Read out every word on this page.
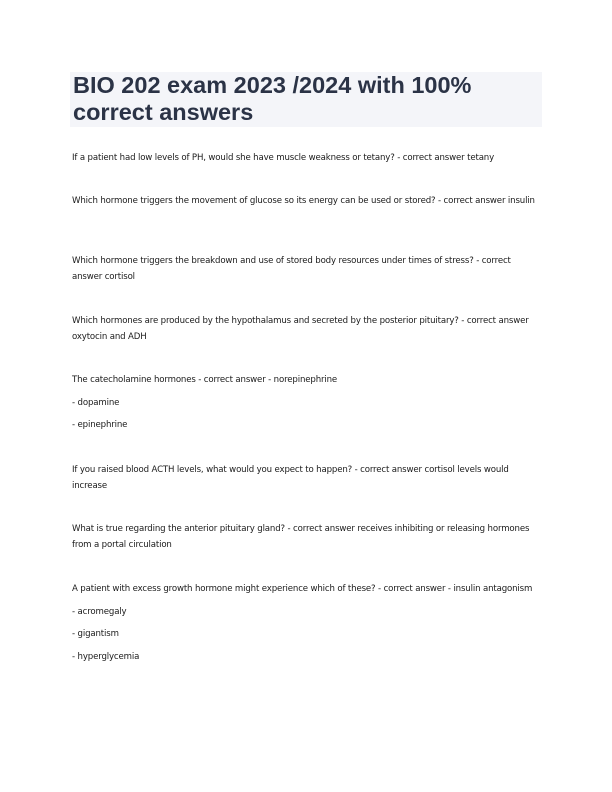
BIO 202 exam 2023 /2024 with 100% correct answers

If a patient had low levels of PH, would she have muscle weakness or tetany? - correct answer tetany

Which hormone triggers the movement of glucose so its energy can be used or stored? - correct answer insulin

Which hormone triggers the breakdown and use of stored body resources under times of stress? - correct answer cortisol

Which hormones are produced by the hypothalamus and secreted by the posterior pituitary? - correct answer oxytocin and ADH

The catecholamine hormones - correct answer - norepinephrine

- dopamine

- epinephrine

If you raised blood ACTH levels, what would you expect to happen? - correct answer cortisol levels would increase

What is true regarding the anterior pituitary gland? - correct answer receives inhibiting or releasing hormones from a portal circulation

A patient with excess growth hormone might experience which of these? - correct answer - insulin antagonism

- acromegaly

- gigantism

- hyperglycemia
